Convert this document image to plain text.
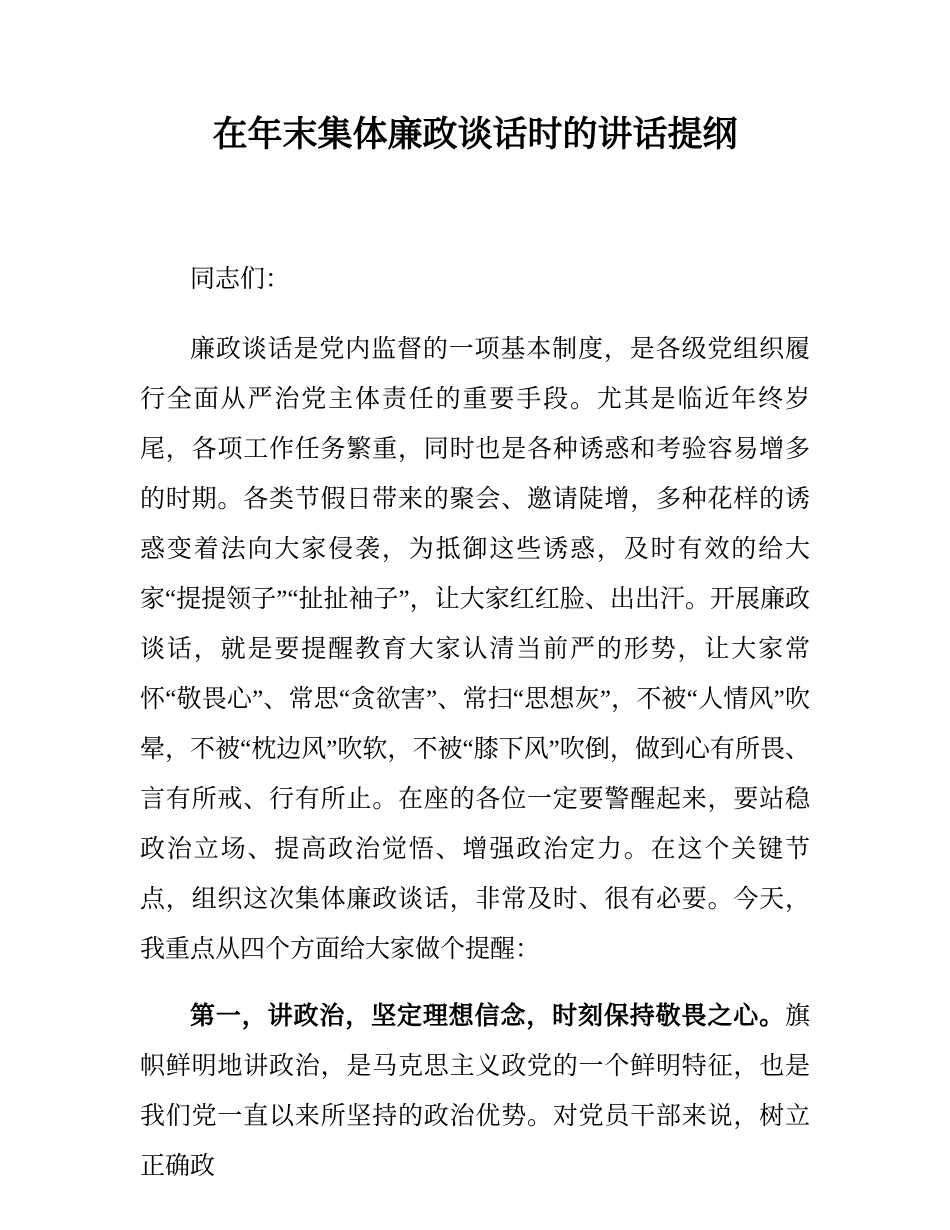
在年末集体廉政谈话时的讲话提纲

同志们：

廉政谈话是党内监督的一项基本制度，是各级党组织履行全面从严治党主体责任的重要手段。尤其是临近年终岁尾，各项工作任务繁重，同时也是各种诱惑和考验容易增多的时期。各类节假日带来的聚会、邀请陡增，多种花样的诱惑变着法向大家侵袭，为抵御这些诱惑，及时有效的给大家“提提领子”“扯扯袖子”，让大家红红脸、出出汗。开展廉政谈话，就是要提醒教育大家认清当前严的形势，让大家常怀“敬畏心”、常思“贪欲害”、常扫“思想灰”，不被“人情风”吹晕，不被“枕边风”吹软，不被“膝下风”吹倒，做到心有所畏、言有所戒、行有所止。在座的各位一定要警醒起来，要站稳政治立场、提高政治觉悟、增强政治定力。在这个关键节点，组织这次集体廉政谈话，非常及时、很有必要。今天，我重点从四个方面给大家做个提醒：

第一，讲政治，坚定理想信念，时刻保持敬畏之心。旗帜鲜明地讲政治，是马克思主义政党的一个鲜明特征，也是我们党一直以来所坚持的政治优势。对党员干部来说，树立正确政
